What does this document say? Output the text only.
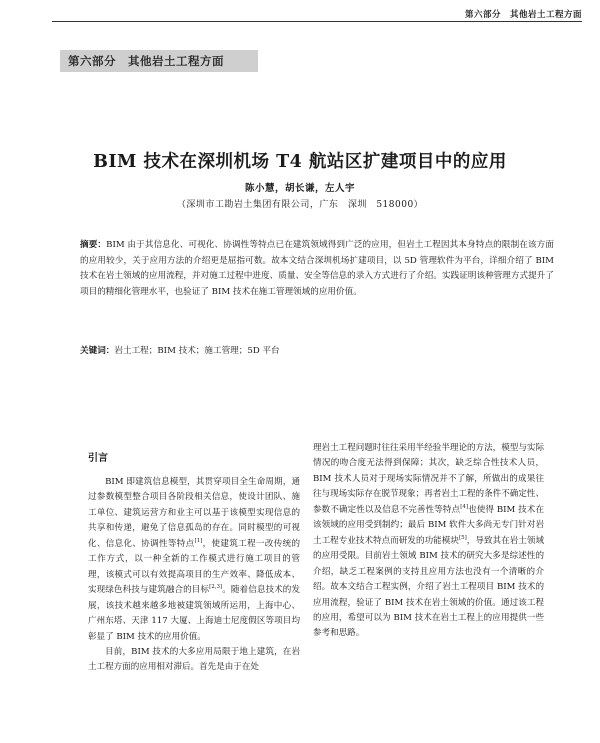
第六部分　其他岩土工程方面
第六部分　其他岩土工程方面
BIM 技术在深圳机场 T4 航站区扩建项目中的应用
陈小慧，胡长谦，左人宇
（深圳市工勘岩土集团有限公司，广东　深圳　518000）
摘要：BIM 由于其信息化、可视化、协调性等特点已在建筑领域得到广泛的应用，但岩土工程因其本身特点的限制在该方面的应用较少，关于应用方法的介绍更是屈指可数。故本文结合深圳机场扩建项目，以 5D 管理软件为平台，详细介绍了 BIM 技术在岩土领域的应用流程，并对施工过程中进度、质量、安全等信息的录入方式进行了介绍。实践证明该种管理方式提升了项目的精细化管理水平，也验证了 BIM 技术在施工管理领域的应用价值。
关键词：岩土工程；BIM 技术；施工管理；5D 平台
引言

BIM 即建筑信息模型，其贯穿项目全生命周期，通过参数模型整合项目各阶段相关信息，使设计团队、施工单位、建筑运营方和业主可以基于该模型实现信息的共享和传递，避免了信息孤岛的存在。同时模型的可视化、信息化、协调性等特点[1]，使建筑工程一改传统的工作方式，以一种全新的工作模式进行施工项目的管理，该模式可以有效提高项目的生产效率、降低成本、实现绿色科技与建筑融合的目标[2,3]。随着信息技术的发展，该技术越来越多地被建筑领域所运用，上海中心、广州东塔、天津 117 大厦、上海迪士尼度假区等项目均彰显了 BIM 技术的应用价值。

目前，BIM 技术的大多应用局限于地上建筑，在岩土工程方面的应用相对滞后。首先是由于在处

理岩土工程问题时往往采用半经验半理论的方法，模型与实际情况的吻合度无法得到保障；其次，缺乏综合性技术人员，BIM 技术人员对于现场实际情况并不了解，所做出的成果往往与现场实际存在脱节现象；再者岩土工程的条件不确定性、参数不确定性以及信息不完善性等特点[4]也使得 BIM 技术在该领域的应用受到制约；最后 BIM 软件大多尚无专门针对岩土工程专业技术特点而研发的功能模块[5]，导致其在岩土领域的应用受限。目前岩土领域 BIM 技术的研究大多是综述性的介绍，缺乏工程案例的支持且应用方法也没有一个清晰的介绍。故本文结合工程实例，介绍了岩土工程项目 BIM 技术的应用流程，验证了 BIM 技术在岩土领域的价值。通过该工程的应用，希望可以为 BIM 技术在岩土工程上的应用提供一些参考和思路。
